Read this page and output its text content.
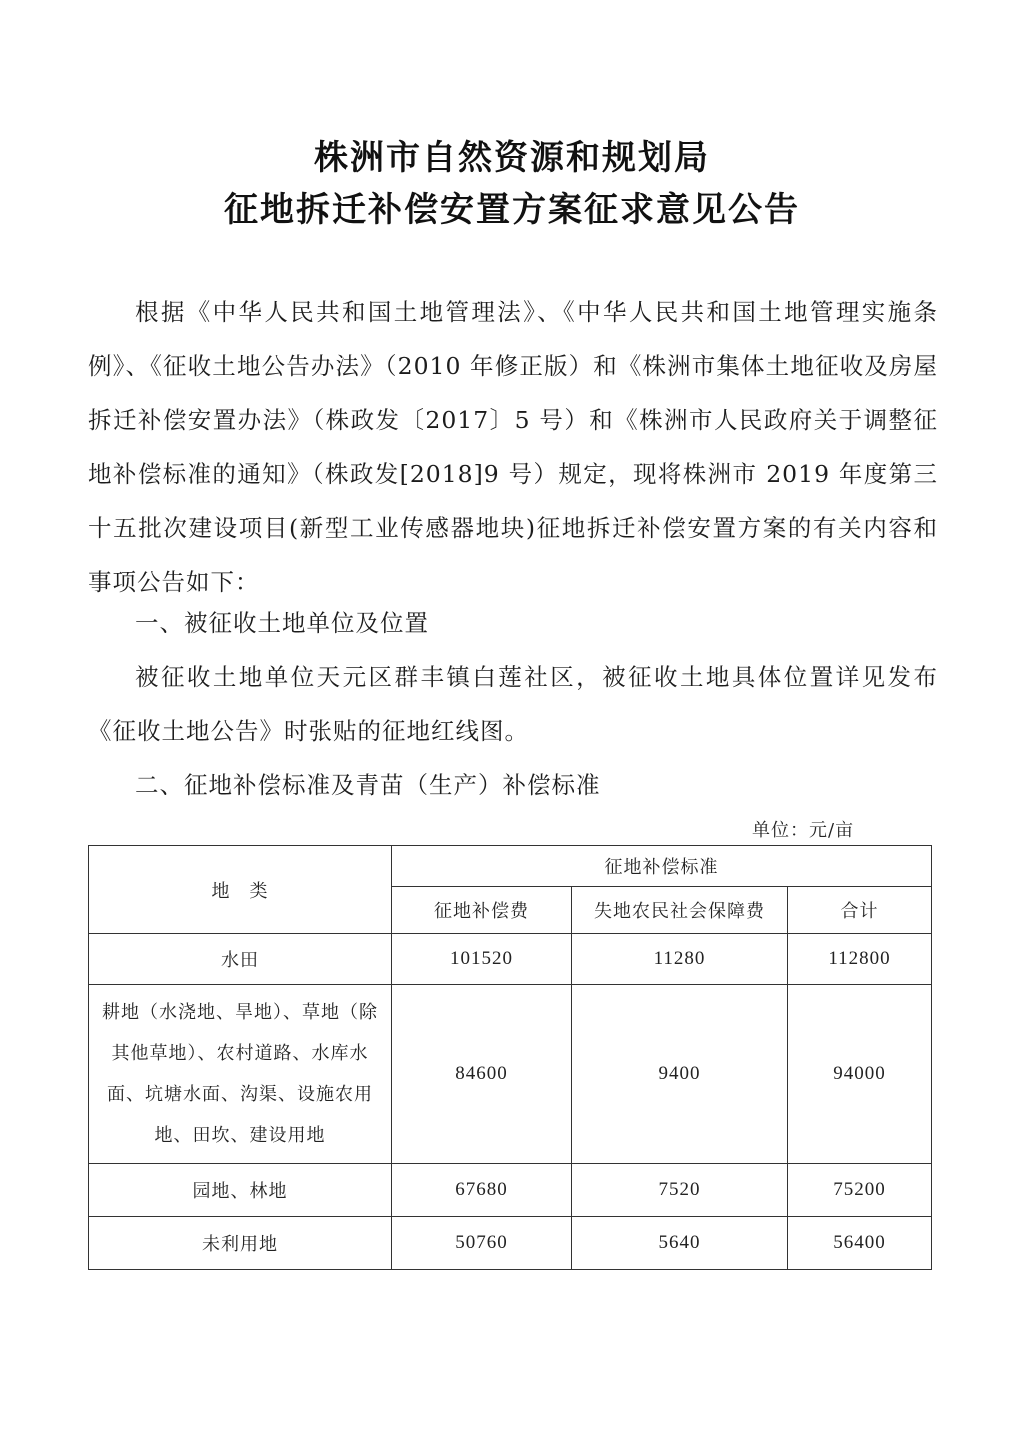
株洲市自然资源和规划局
征地拆迁补偿安置方案征求意见公告

根据《中华人民共和国土地管理法》、《中华人民共和国土地管理实施条例》、《征收土地公告办法》（2010 年修正版）和《株洲市集体土地征收及房屋拆迁补偿安置办法》（株政发〔2017〕5 号）和《株洲市人民政府关于调整征地补偿标准的通知》（株政发[2018]9 号）规定，现将株洲市 2019 年度第三十五批次建设项目(新型工业传感器地块)征地拆迁补偿安置方案的有关内容和事项公告如下：

一、被征收土地单位及位置

被征收土地单位天元区群丰镇白莲社区，被征收土地具体位置详见发布《征收土地公告》时张贴的征地红线图。

二、征地补偿标准及青苗（生产）补偿标准

单位：元/亩
地　类	征地补偿标准		
	征地补偿费	失地农民社会保障费	合计
水田	101520	11280	112800
耕地（水浇地、旱地）、草地（除其他草地）、农村道路、水库水面、坑塘水面、沟渠、设施农用地、田坎、建设用地	84600	9400	94000
园地、林地	67680	7520	75200
未利用地	50760	5640	56400
